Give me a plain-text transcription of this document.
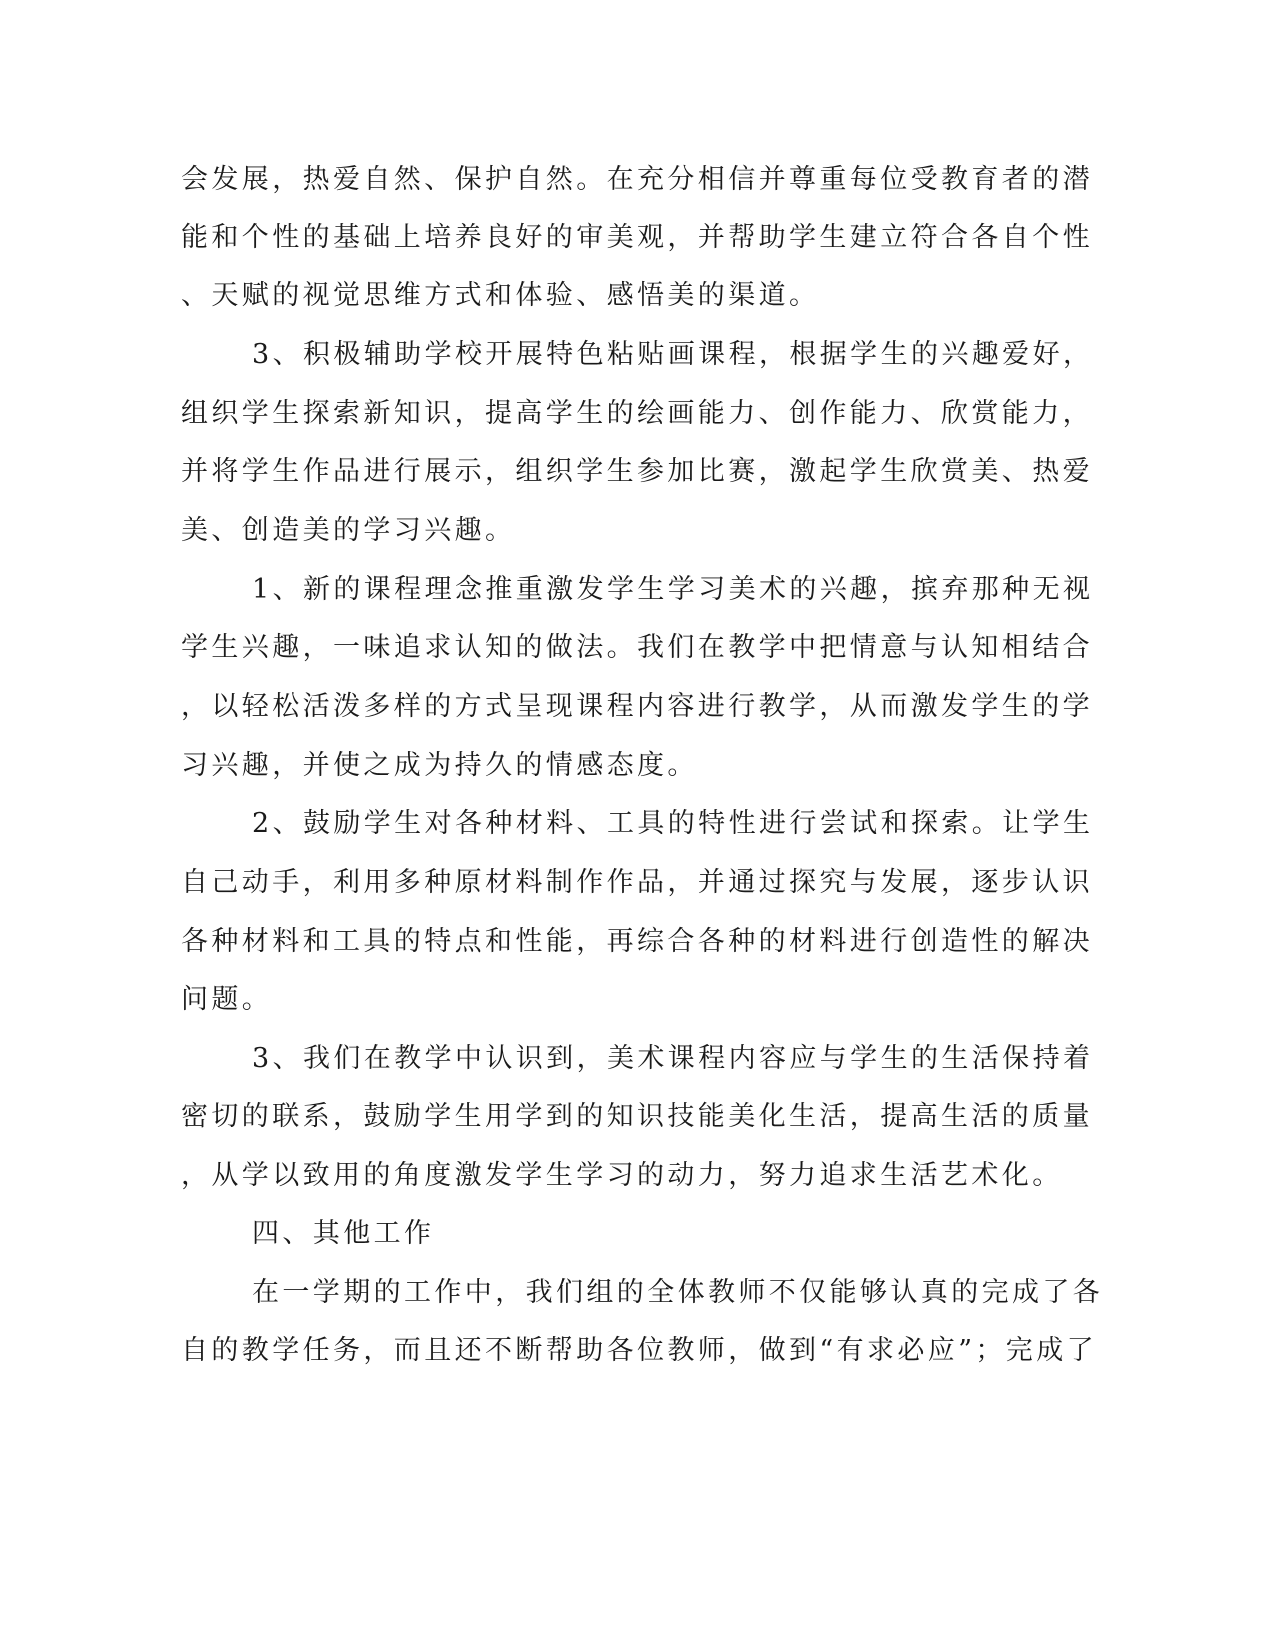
会发展，热爱自然、保护自然。在充分相信并尊重每位受教育者的潜
能和个性的基础上培养良好的审美观，并帮助学生建立符合各自个性
、天赋的视觉思维方式和体验、感悟美的渠道。
3、积极辅助学校开展特色粘贴画课程，根据学生的兴趣爱好，
组织学生探索新知识，提高学生的绘画能力、创作能力、欣赏能力，
并将学生作品进行展示，组织学生参加比赛，激起学生欣赏美、热爱
美、创造美的学习兴趣。
1、新的课程理念推重激发学生学习美术的兴趣，摈弃那种无视
学生兴趣，一味追求认知的做法。我们在教学中把情意与认知相结合
，以轻松活泼多样的方式呈现课程内容进行教学，从而激发学生的学
习兴趣，并使之成为持久的情感态度。
2、鼓励学生对各种材料、工具的特性进行尝试和探索。让学生
自己动手，利用多种原材料制作作品，并通过探究与发展，逐步认识
各种材料和工具的特点和性能，再综合各种的材料进行创造性的解决
问题。
3、我们在教学中认识到，美术课程内容应与学生的生活保持着
密切的联系，鼓励学生用学到的知识技能美化生活，提高生活的质量
，从学以致用的角度激发学生学习的动力，努力追求生活艺术化。
四、其他工作
在一学期的工作中，我们组的全体教师不仅能够认真的完成了各
自的教学任务，而且还不断帮助各位教师，做到“有求必应”；完成了
